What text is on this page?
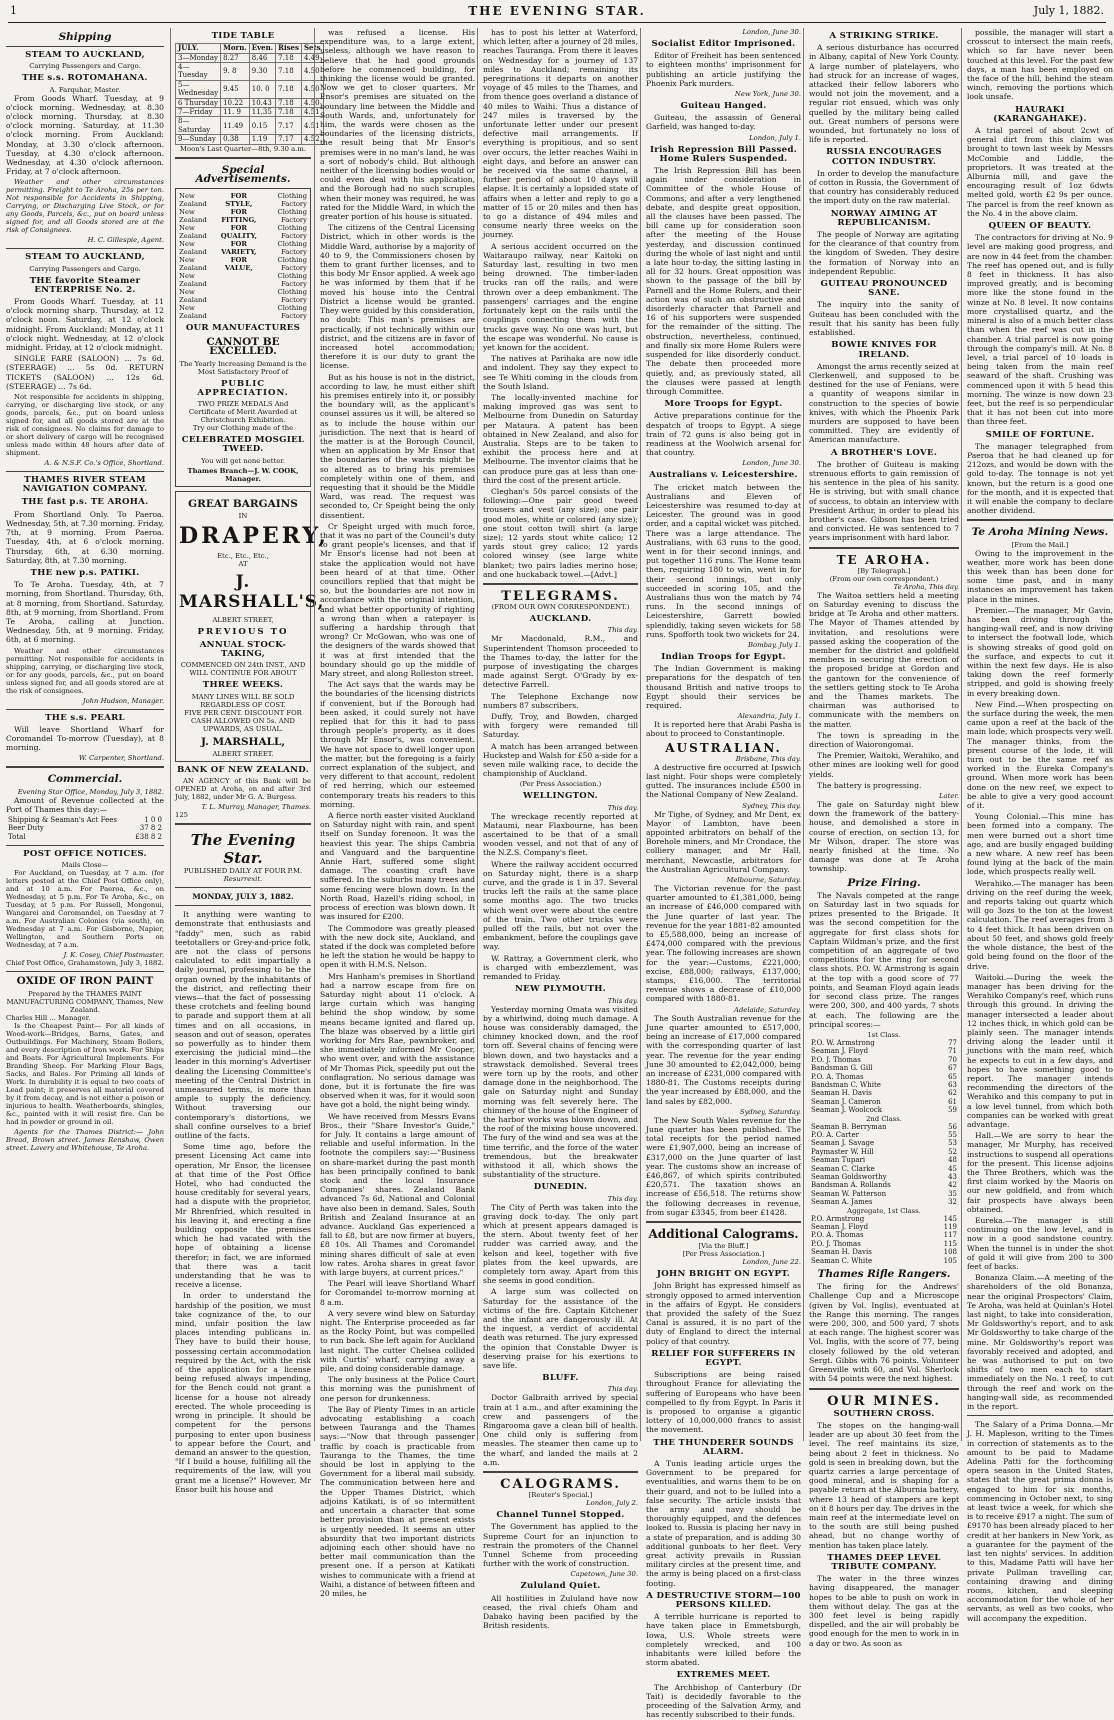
1	THE EVENING STAR.	July 1, 1882.
Shipping
STEAM TO AUCKLAND,
Carrying Passengers and Cargo.
THE s.s. ROTOMAHANA.
A. Farquhar, Master.

From Goods Wharf. Tuesday, at 9 o'clock morning. Wednesday, at 8.30 o'clock morning. Thursday, at 8.30 o'clock morning. Saturday, at 11.30 o'clock morning. From Auckland: Monday, at 3.30 o'clock afternoon. Tuesday, at 4.30 o'clock afternoon. Wednesday, at 4.30 o'clock afternoon. Friday, at 7 o'clock afternoon.

Weather and other circumstances permitting. Freight to Te Aroha, 25s per ton. Not responsible for Accidents in Shipping, Carrying, or Discharging Live Stock, or for any Goods, Parcels, &c., put on board unless signed for, and all Goods stored are at the risk of Consignees.

H. C. Gillespie, Agent.
STEAM TO AUCKLAND,
Carrying Passengers and Cargo.
THE favorite Steamer ENTERPRISE No. 2.

From Goods Wharf. Tuesday, at 11 o'clock morning sharp. Thursday, at 12 o'clock noon. Saturday, at 12 o'clock midnight. From Auckland: Monday, at 11 o'clock night. Wednesday, at 12 o'clock midnight. Friday, at 12 o'clock midnight.

SINGLE FARE (SALOON) ... 7s 6d. (STEERAGE) ... 5s 0d. RETURN TICKETS (SALOON) ... 12s 6d. (STEERAGE) ... 7s 6d.

Not responsible for accidents in shipping, carrying, or discharging live stock, or any goods, parcels, &c., put on board unless signed for, and all goods stored are at the risk of consignees. No claims for damage to or short delivery of cargo will be recognised unless made within 48 hours after date of shipment.

A. & N.S.F. Co.'s Office, Shortland.
THAMES RIVER STEAM NAVIGATION COMPANY.
THE fast p.s. TE AROHA.

From Shortland Only. To Paeroa. Wednesday, 5th, at 7.30 morning. Friday, 7th, at 9 morning. From Paeroa. Tuesday, 4th, at 6 o'clock morning. Thursday, 6th, at 6.30 morning. Saturday, 8th, at 7.30 morning.

THE new p.s. PATIKI.

To Te Aroha. Tuesday, 4th, at 7 morning, from Shortland. Thursday, 6th, at 8 morning, from Shortland. Saturday, 8th, at 9 morning, from Shortland. From Te Aroha, calling at Junction. Wednesday, 5th, at 9 morning. Friday, 6th, at 6 morning.

Weather and other circumstances permitting. Not responsible for accidents in shipping, carrying, or discharging live stock, or for any goods, parcels, &c., put on board unless signed for, and all goods stored are at the risk of consignees.

John Hudson, Manager.
THE s.s. PEARL

Will leave Shortland Wharf for Coromandel To-morrow (Tuesday), at 8 morning.

W. Carpenter, Shortland.
Commercial.
Evening Star Office, Monday, July 3, 1882.

Amount of Revenue collected at the Port of Thames this day:—

Shipping & Seaman's Act Fees	1 0 0
Beer Duty	37 8 2
Total	£38 8 2
POST OFFICE NOTICES.
Mails Close—

For Auckland, on Tuesday, at 7 a.m. (for letters posted at the Chief Post Office only), and at 10 a.m. For Paeroa, &c., on Wednesday, at 5 p.m. For Te Aroha, &c., on Tuesday, at 5 p.m. For Russell, Mongonui, Wangarei and Coromandel, on Tuesday at 7 a.m. For Australian Colonies (via south), on Wednesday at 7 a.m. For Gisborne, Napier, Wellington, and Southern Ports on Wednesday, at 7 a.m.

J. K. Cosey, Chief Postmaster.
Chief Post Office, Grahamstown, July 3, 1882.
OXIDE OF IRON PAINT
Prepared by the THAMES PAINT MANUFACTURING COMPANY, Thames, New Zealand.
Charles Hill ... Manager.

Is the Cheapest Paint— For all kinds of Wood-work—Bridges, Barns, Gates, and Outbuildings. For Machinery, Steam Boilers, and every description of Iron work. For Ships and Boats. For Agricultural Implements. For Branding Sheep. For Marking Flour Bags, Sacks, and Bales. For Priming all kinds of Work. In durability it is equal to two coats of Lead paint; it preserves all material covered by it from decay, and is not either a poison or injurious to health. Weatherboards, shingles, &c., painted with it will resist fire. Can be had in powder or ground in oil.

Agents for the Thames District:— John Bread, Brown street. James Renshaw, Owen street. Lavery and Whitehouse, Te Aroha.

TIDE TABLE
JULY.	Morn.	Even.	Rises	Sets
3—Monday	8.27	8.46	7.18	4.49
4—Tuesday	9. 8	9.30	7.18	4.50
5—Wednesday	9.45	10. 0	7.18	4.50
6 Thursday	10.22	10.43	7.18	4.50
7—Friday	11. 9	11.35	7.18	4.51
8—Saturday	11.49	0.15	7.17	4.51
9—Sunday	0.38	1.19	7.17	4.52
Moon's Last Quarter—8th, 9.30 a.m.
Special Advertisements.
New Zealand
New Zealand
New Zealand
New Zealand
New Zealand
New Zealand
New Zealand
New Zealand
FOR
STYLE,
FOR
FITTING,
FOR
QUALITY,
FOR
VARIETY,
FOR
VALUE,
Clothing Factory
Clothing Factory
Clothing Factory
Clothing Factory
Clothing Factory
Clothing Factory
Clothing Factory
Clothing Factory
OUR MANUFACTURES
CANNOT BE EXCELLED.
The Yearly Increasing Demand is the Most Satisfactory Proof of
PUBLIC APPRECIATION.
TWO PRIZE MEDALS And Certificate of Merit Awarded at Christchurch Exhibition.
Try our Clothing made of the
CELEBRATED MOSGIEL TWEED.
You will get none better.
Thames Branch—J. W. COOK, Manager.
GREAT BARGAINS
IN
DRAPERY,
Etc., Etc., Etc.,
AT
J. MARSHALL'S,
ALBERT STREET,
PREVIOUS TO
ANNUAL STOCK-TAKING,
COMMENCED ON 24th INST., AND WILL CONTINUE FOR ABOUT
THREE WEEKS.
MANY LINES WILL BE SOLD REGARDLESS OF COST.
FIVE PER CENT. DISCOUNT FOR CASH ALLOWED ON 5s. AND UPWARDS, AS USUAL.
J. MARSHALL,
ALBERT STREET.
BANK OF NEW ZEALAND.

AN AGENCY of this Bank will be OPENED at Aroha, on and after 3rd July, 1882, under Mr G. A. Burgess.

T. L. Murray, Manager, Thames.
125
The Evening Star.
PUBLISHED DAILY AT FOUR P.M.
Resurrexit.
MONDAY, JULY 3, 1882.

It anything were wanting to demonstrate that enthusiasts and "faddy" men, such as rabid teetotallers or Grey-and-price folk, are not the class of persons calculated to edit impartially a daily journal, professing to be the organ owned by the inhabitants of the district, and reflecting their views—that the fact of possessing these crotchets and feeling bound to parade and support them at all times and on all occasions, in season and out of season, operates so powerfully as to hinder them exercising the judicial mind—the leader in this morning's Advertiser dealing the Licensing Committee's meeting of the Central District in unmeasured terms, is more than ample to supply the deficiency. Without traversing our contemporary's distortions, we shall confine ourselves to a brief outline of the facts.

Some time ago, before the present Licensing Act came into operation, Mr Ensor, the licensee at that time of the Post Office Hotel, who had conducted the house creditably for several years, had a dispute with the proprietor, Mr Rhrenfried, which resulted in his leaving it, and erecting a fine building opposite the premises which he had vacated with the hope of obtaining a license therefor; in fact, we are informed that there was a tacit understanding that he was to receive a license.

In order to understand the hardship of the position, we must take cognizance of the, to our mind, unfair position the law places intending publicans in. They have to build their house, possessing certain accommodation required by the Act, with the risk of the application for a license being refused always impending, for the Bench could not grant a license for a house not already erected. The whole proceeding is wrong in principle. It should be competent for the persons purposing to enter upon business to appear before the Court, and demand an answer to the question, "If I build a house, fulfilling all the requirements of the law, will you grant me a license?" However, Mr Ensor built his house and

was refused a license. His expenditure was, to a large extent, useless, although we have reason to believe that he had good grounds before he commenced building, for thinking the license would be granted. Now we get to closer quarters. Mr Ensor's premises are situated on the boundary line between the Middle and South Wards, and, unfortunately for him, the wards were chosen as the boundaries of the licensing districts, the result being that Mr Ensor's premises were in no man's land, he was a sort of nobody's child. But although neither of the licensing bodies would or could even deal with his application, and the Borough had no such scruples when their money was required, he was rated for the Middle Ward, in which the greater portion of his house is situated.

The citizens of the Central Licensing District, which in other words is the Middle Ward, authorise by a majority of 40 to 9, the Commissioners chosen by them to grant further licenses, and to this body Mr Ensor applied. A week ago he was informed by them that if he moved his house into the Central District a license would be granted. They were guided by this consideration, no doubt: This man's premises are practically, if not technically within our district, and the citizens are in favor of increased hotel accommodation; therefore it is our duty to grant the license.

But as his house is not in the district, according to law, he must either shift his premises entirely into it, or possibly the boundary will, as the applicant's counsel assures us it will, be altered so as to include the house within our jurisdiction. The next that is heard of the matter is at the Borough Council, when an application by Mr Ensor that the boundaries of the wards might be so altered as to bring his premises completely within one of them, and requesting that it should be the Middle Ward, was read. The request was seconded to, Cr Speight being the only dissentient.

Cr Speight urged with much force, that it was no part of the Council's duty to grant people's licenses, and that if Mr Ensor's license had not been at stake the application would not have been heard of at that time. Other councillors replied that that might be so, but the boundaries are not now in accordance with the original intention, and what better opportunity of righting a wrong than when a ratepayer is suffering a hardship through that wrong? Cr McGowan, who was one of the designers of the wards showed that it was at first intended that the boundary should go up the middle of Mary street, and along Rolleston street.

The Act says that the wards may be the boundaries of the licensing districts if convenient, but if the Borough had been asked, it could surely not have replied that for this it had to pass through people's property, as it does through Mr Ensor's, was convenient. We have not space to dwell longer upon the matter, but the foregoing is a fairly correct explanation of the subject, and very different to that account, redolent of red herring, which our esteemed contemporary treats his readers to this morning.

A fierce north easter visited Auckland on Saturday night with rain, and spent itself on Sunday forenoon. It was the heaviest this year. The ships Cambria and Vanguard and the barquentine Annie Hart, suffered some slight damage. The coasting craft have suffered. In the suburbs many trees and some fencing were blown down. In the North Road, Hazell's riding school, in process of erection was blown down. It was insured for £200.

The Commodore was greatly pleased with the new dock site, Auckland, and stated if the dock was completed before he left the station he would be happy to open it with H.M.S. Nelson.

Mrs Hanham's premises in Shortland had a narrow escape from fire on Saturday night about 11 o'clock. A large curtain which was hanging behind the shop window, by some means became ignited and flared up. The blaze was observed by a little girl working for Mrs Rae, pawnbroker, and she immediately informed Mr Cooper, who went over, and with the assistance of Mr Thomas Pick, speedily put out the conflagration. No serious damage was done, but it is fortunate the fire was observed when it was, for it would soon have got a hold, the night being windy.

We have received from Messrs Evans Bros., their "Share Investor's Guide," for July. It contains a large amount of reliable and useful information. In the footnote the compilers say:—"Business on share-market during the past month has been principally confined to bank stock and the local Insurance Companies' shares. Zealand Bank advanced 7s 6d, National and Colonial have also been in demand. Sales, South British and Zealand Insurance at an advance. Auckland Gas experienced a fall to £8, but are now firmer at buyers, £8 10s. All Thames and Coromandel mining shares difficult of sale at even low rates. Aroha shares in great favor with large buyers, at current prices."

The Pearl will leave Shortland Wharf for Coromandel to-morrow morning at 8 a.m.

A very severe wind blew on Saturday night. The Enterprise proceeded as far as the Rocky Point, but was compelled to run back. She left again for Auckland last night. The cutter Chelsea collided with Curtis' wharf, carrying away a pile, and doing considerable damage.

The only business at the Police Court this morning was the punishment of one person for drunkenness.

The Bay of Plenty Times in an article advocating establishing a coach between Tauranga and the Thames says:—"Now that through passenger traffic by coach is practicable from Tauranga to the Thames, the time should be lost in applying to the Government for a liberal mail subsidy. The communication between here and the Upper Thames District, which adjoins Katikati, is of so intermittent and uncertain a character that some better provision than at present exists is urgently needed. It seems an utter absurdity that two important districts adjoining each other should have no better mail communication than the present one. If a person at Katikati wishes to communicate with a friend at Waihi, a distance of between fifteen and 20 miles, he

has to post his letter at Waterford, which letter, after a journey of 28 miles, reaches Tauranga. From there it leaves on Wednesday for a journey of 137 miles to Auckland; remaining its peregrinations it departs on another voyage of 45 miles to the Thames, and from thence goes overland a distance of 40 miles to Waihi. Thus a distance of 247 miles is traversed by the unfortunate letter under our present defective mail arrangements. If everything is propitious, and so sent over occurs, the letter reaches Waihi in eight days, and before an answer can be received via the same channel, a further period of about 10 days will elapse. It is certainly a lopsided state of affairs when a letter and reply to go a matter of 15 or 20 miles and then has to go a distance of 494 miles and consume nearly three weeks on the journey.

A serious accident occurred on the Waitaraupo railway, near Kaitoki on Saturday last, resulting in two men being drowned. The timber-laden trucks ran off the rails, and were thrown over a deep embankment. The passengers' carriages and the engine fortunately kept on the rails until the couplings connecting them with the trucks gave way. No one was hurt, but the escape was wonderful. No cause is yet known for the accident.

The natives at Parihaka are now idle and indolent. They say they expect to see Te Whiti coming in the clouds from the South Island.

The locally-invented machine for making improved gas was sent to Melbourne from Dunedin on Saturday per Mataura. A patent has been obtained in New Zealand, and also for Australia. Steps are to be taken to exhibit the process here and at Melbourne. The inventor claims that he can produce pure gas at less than one-third the cost of the present article.

Cleghan's 50s parcel consists of the following:—One pair good tweed trousers and vest (any size); one pair good moles, white or colored (any size); one stout cotton twill shirt (a large size); 12 yards stout white calico; 12 yards stout grey calico; 12 yards colored winsey (see large white blanket; two pairs ladies merino hose; and one huckaback towel.—[Advt.]

TELEGRAMS.
(FROM OUR OWN CORRESPONDENT.)
AUCKLAND.
This day.

Mr Macdonald, R.M., and Superintendent Thomson proceeded to the Thames to-day, the latter for the purpose of investigating the charges made against Sergt. O'Grady by ex-detective Farrell.

The Telephone Exchange now numbers 87 subscribers.

Duffy, Troy, and Bowden, charged with forgery were remanded till Saturday.

A match has been arranged between Huckstep and Walsh for £50 a-side for a seven mile walking race, to decide the championship of Auckland.

(Per Press Association.)
WELLINGTON.
This day.

The wreckage recently reported at Mataumi, near Flaxbourne, has been ascertained to be that of a small wooden vessel, and not that of any of the N.Z.S. Company's fleet.

Where the railway accident occurred on Saturday night, there is a sharp curve, and the grade is 1 in 37. Several trucks left the rails at the same place some months ago. The two trucks which went over were about the centre of the train. Two other trucks were pulled off the rails, but not over the embankment, before the couplings gave way.

W. Rattray, a Government clerk, who is charged with embezzlement, was remanded to Friday.

NEW PLYMOUTH.
This day.

Yesterday morning Omata was visited by a whirlwind, doing much damage. A house was considerably damaged, the chimney knocked down, and the roof torn off. Several chains of fencing were blown down, and two haystacks and a strawstack demolished. Several trees were torn up by the roots, and other damage done in the neighborhood. The gale on Saturday night and Sunday morning was felt severely here. The chimney of the house of the Engineer of the harbor works was blown down, and the roof of the mixing house uncovered. The fury of the wind and sea was at the time terrific, and the force of the water tremendous, but the breakwater withstood it all, which shows the substantiality of the structure.

DUNEDIN.
This day.

The City of Perth was taken into the graving dock to-day. The only part which at present appears damaged is the stern. About twenty feet of her rudder was carried away, and the kelson and keel, together with five plates from the keel upwards, are completely torn away. Apart from this she seems in good condition.

A large sum was collected on Saturday for the assistance of the victims of the fire. Captain Kitchener and the infant are dangerously ill. At the inquest, a verdict of accidental death was returned. The jury expressed the opinion that Constable Dwyer is deserving praise for his exertions to save life.

BLUFF.
This day.

Doctor Galbraith arrived by special train at 1 a.m., and after examining the crew and passengers of the Ringarooma gave a clean bill of health. One child only is suffering from measles. The steamer then came up to the wharf, and landed the mails at 2 a.m.

CALOGRAMS.
[Reuter's Special.]
London, July 2.
Channel Tunnel Stopped.

The Government has applied to the Supreme Court for an injunction to restrain the promoters of the Channel Tunnel Scheme from proceeding further with the work of construction.

Capetown, June 30.
Zululand Quiet.

All hostilities in Zululand have now ceased, the rival chiefs Oham and Dabako having been pacified by the British residents.

London, June 30.
Socialist Editor Imprisoned.

Editor of Freiheit has been sentenced to eighteen months' imprisonment for publishing an article justifying the Phoenix Park murders.

New York, June 30.
Guiteau Hanged.

Guiteau, the assassin of General Garfield, was hanged to-day.

London, July 1.
Irish Repression Bill Passed. Home Rulers Suspended.

The Irish Repression Bill has been again under consideration in Committee of the whole House of Commons, and after a very lengthened debate, and despite great opposition, all the clauses have been passed. The bill came up for consideration soon after the meeting of the House yesterday, and discussion continued during the whole of last night and until a late hour to-day, the sitting lasting in all for 32 hours. Great opposition was shown to the passage of the bill by Parnell and the Home Rulers, and their action was of such an obstructive and disorderly character that Parnell and 16 of his supporters were suspended for the remainder of the sitting. The obstruction, nevertheless, continued, and finally six more Home Rulers were suspended for like disorderly conduct. The debate then proceeded more quietly, and, as previously stated, all the clauses were passed at length through Committee.

More Troops for Egypt.

Active preparations continue for the despatch of troops to Egypt. A siege train of 72 guns is also being got in readiness at the Woolwich arsenal for that country.

London, June 30.
Australians v. Leicestershire.

The cricket match between the Australians and Eleven of Leicestershire was resumed to-day at Leicester. The ground was in good order, and a capital wicket was pitched. There was a large attendance. The Australians, with 63 runs to the good, went in for their second innings, and put together 116 runs. The Home team then, requiring 180 to win, went in for their second innings, but only succeeded in scoring 105, and the Australians thus won the match by 74 runs. In the second innings of Leicestershire, Garrett bowled splendidly, taking seven wickets for 58 runs. Spofforth took two wickets for 24.

Bombay, July 1.
Indian Troops for Egypt.

The Indian Government is making preparations for the despatch of ten thousand British and native troops to Egypt should their services be required.

Alexandria, July 1.

It is reported here that Arabi Pasha is about to proceed to Constantinople.

AUSTRALIAN.
Brisbane, This day.

A destructive fire occurred at Ipswich last night. Four shops were completely gutted. The insurances include £500 in the National Company of New Zealand.

Sydney, This day.

Mr Tighe, of Sydney, and Mr Dent, ex Mayor of Lambton, have been appointed arbitrators on behalf of the Borehole miners, and Mr Crondace, the colliery manager, and Mr Hall, merchant, Newcastle, arbitrators for the Australian Agricultural Company.

Melbourne, Saturday.

The Victorian revenue for the past quarter amounted to £1,381,000, being an increase of £46,000 compared with the June quarter of last year. The revenue for the year 1881-82 amounted to £5,588,000, being an increase of £474,000 compared with the previous year. The following increases are shown for the year:—Customs, £221,000; excise, £88,000; railways, £137,000; stamps, £16,000. The territorial revenue shows a decrease of £10,000 compared with 1880-81.

Adelaide, Saturday.

The South Australian revenue for the June quarter amounted to £517,000, being an increase of £17,000 compared with the corresponding quarter of last year. The revenue for the year ending June 30 amounted to £2,042,000, being an increase of £231,000 compared with 1880-81. The Customs receipts during the year increased by £88,000, and the land sales by £82,000.

Sydney, Saturday.

The New South Wales revenue for the June quarter has been published. The total receipts for the period named were £1,907,000, being an increase of £317,000 on the June quarter of last year. The customs show an increase of £46,867, of which spirits contributed £20,571. The taxation shows an increase of £56,518. The returns show the following decreases in revenue, from sugar £3345, from beer £1428.

Additional Calograms.
[Via the Bluff.]
[Per Press Association.]
London, June 22.
JOHN BRIGHT ON EGYPT.

John Bright has expressed himself as strongly opposed to armed intervention in the affairs of Egypt. He considers that provided the safety of the Suez Canal is assured, it is no part of the duty of England to direct the internal policy of that country.

RELIEF FOR SUFFERERS IN EGYPT.

Subscriptions are being raised throughout France for alleviating the suffering of Europeans who have been compelled to fly from Egypt. In Paris it is proposed to organise a gigantic lottery of 10,000,000 francs to assist the movement.

THE THUNDERER SOUNDS ALARM.

A Tunis leading article urges the Government to be prepared for eventualities, and warns them to be on their guard, and not to be lulled into a false security. The article insists that the army and navy should be thoroughly equipped, and the defences looked to. Russia is placing her navy in a state of preparation, and is adding 30 additional gunboats to her fleet. Very great activity prevails in Russian military circles at the present time, and the army is being placed on a first-class footing.

A DESTRUCTIVE STORM—100 PERSONS KILLED.

A terrible hurricane is reported to have taken place in Emmetsburgh, Iowa, U.S. Whole streets were completely wrecked, and 100 inhabitants were killed before the storm abated.

EXTREMES MEET.

The Archbishop of Canterbury (Dr Tait) is decidedly favorable to the proceeding of the Salvation Army, and has recently subscribed to their funds.

A STRIKING STRIKE.

A serious disturbance has occurred in Albany, capital of New York County. A large number of platelayers, who had struck for an increase of wages, attacked their fellow laborers who would not join the movement, and a regular riot ensued, which was only quelled by the military being called out. Great numbers of persons were wounded, but fortunately no loss of life is reported.

RUSSIA ENCOURAGES COTTON INDUSTRY.

In order to develop the manufacture of cotton in Russia, the Government of that country has considerably reduced the import duty on the raw material.

NORWAY AIMING AT REPUBLICANISM.

The people of Norway are agitating for the clearance of that country from the kingdom of Sweden. They desire the formation of Norway into an independent Republic.

GUITEAU PRONOUNCED SANE.

The inquiry into the sanity of Guiteau has been concluded with the result that his sanity has been fully established.

BOWIE KNIVES FOR IRELAND.

Amongst the arms recently seized at Clerkenwell, and supposed to be destined for the use of Fenians, were a quantity of weapons similar in construction to the species of bowie knives, with which the Phoenix Park murders are supposed to have been committed. They are evidently of American manufacture.

A BROTHER'S LOVE.

The brother of Guiteau is making strenuous efforts to gain remission of his sentence in the plea of his sanity. He is striving, but with small chance of success, to obtain an interview with President Arthur, in order to plead his brother's case. Gibson has been tried and convicted. He was sentenced to 7 years imprisonment with hard labor.

TE AROHA.
[By Telegraph.]
(From our own correspondent.)
Te Aroha, This day.

The Waitoa settlers held a meeting on Saturday evening to discuss the bridge at Te Aroha and other matters. The Mayor of Thames attended by invitation, and resolutions were passed asking the cooperation of the member for the district and goldfield members in securing the erection of the proposed bridge at Gordon and the gantown for the convenience of the settlers getting stock to Te Aroha and the Thames markets. The chairman was authorised to communicate with the members on the matter.

The town is spreading in the direction of Waiorongomai.

The Premier, Waitoki, Werahiko, and other mines are looking well for good yields.

The battery is progressing.

Later.

The gale on Saturday night blew down the framework of the battery-house, and demolished a store in course of erection, on section 13, for Mr Wilson, draper. The store was nearly finished at the time. No damage was done at Te Aroha township.

Prize Firing.

The Navals competed at the range on Saturday last in two squads for prizes presented to the Brigade. It was the second competition for the aggregate for first class shots for Captain Wildman's prize, and the first competition of an aggregate of two competitions for the ring for second class shots. P.O. W. Armstrong is again at the top with a good score of 77 points, and Seaman Floyd again leads for second class prize. The ranges were 200, 300, and 400 yards, 7 shots at each. The following are the principal scores:—

1st Class.
P.O. W. Armstrong	77
Seaman J. Floyd	71
P.O. J. Thomas	70
Bandsman G. Gill	67
P.O. A. Thomas	65
Bandsman C. White	63
Seaman H. Davis	62
Seaman J. Cameron	61
Seaman J. Woolcock	59
2nd Class.
Seaman B. Berryman	56
P.O. A. Carter	55
Seaman J. Savage	53
Paymaster W. Hill	52
Seaman Tupari	48
Seaman C. Clarke	45
Seaman Goldsworthy	43
Bandsman A. Rollands	42
Seaman W. Patterson	35
Seaman A. James	32
Aggregate, 1st Class.
P.O. Armstrong	145
Seaman J. Floyd	119
P.O. A. Thomas	117
P.O. J. Thomas	115
Seaman H. Davis	108
Seaman C. White	105
Thames Rifle Rangers.

The firing for the Andrews' Challenge Cup and a Microscope (given by Vol. Inglis), eventuated at the Range this morning. The ranges were 200, 300, and 500 yard, 7 shots at each range. The highest scorer was Vol. Inglis, with the score of 77, being closely followed by the old veteran Sergt. Gibbs with 76 points. Volunteer Greenville with 60, and Vol. Sherlock with 54 points were the next highest.

OUR MINES.
SOUTHERN CROSS.

The stopes on the hanging-wall leader are up about 30 feet from the level. The reef maintains its size, being about 2 feet in thickness. No gold is seen in breaking down, but the quartz carries a large percentage of good mineral, and is shaping for a payable return at the Alburnia battery, where 13 head of stampers are kept on it 8 hours per day. The drives in the main reef at the intermediate level on to the south are still being pushed ahead, but no change worthy of mention has taken place lately.

THAMES DEEP LEVEL TRIBUTE COMPANY.

The water in the three winzes having disappeared, the manager hopes to be able to push on work in them without delay. The gas at the 300 feet level is being rapidly dispelled, and the air will probably be good enough for the men to work in in a day or two. As soon as

possible, the manager will start a crosscut to intersect the main reefs, which so far have never been touched at this level. For the past few days, a man has been employed on the face of the hill, behind the steam winch, removing the portions which look unsafe.

HAURAKI (KARANGAHAKE).

A trial parcel of about 2cwt of general dirt from this claim was brought to town last week by Messrs McCombie and Liddle, the proprietors. It was treated at the Alburnia mill, and gave the encouraging result of 1oz 6dwts melted gold, worth £2 9s per ounce. The parcel is from the reef known as the No. 4 in the above claim.

QUEEN OF BEAUTY.

The contractors for driving at No. 9 level are making good progress, and are now in 44 feet from the chamber. The reef has opened out, and is fully 8 feet in thickness. It has also improved greatly, and is becoming more like the stone found in the winze at No. 8 level. It now contains more crystallised quartz, and the mineral is also of a much better class than when the reef was cut in the chamber. A trial parcel is now going through the company's mill. At No. 8 level, a trial parcel of 10 loads is being taken from the main reef seaward of the shaft. Crushing was commenced upon it with 5 head this morning. The winze is now down 23 feet, but the reef is so perpendicular that it has not been cut into more than three feet.

SMILE OF FORTUNE.

The manager telegraphed from Paeroa that he had cleaned up for 212ozs, and would be down with the gold to-day. The tonnage is not yet known, but the return is a good one for the month, and it is expected that it will enable the company to declare another dividend.

Te Aroha Mining News.
[From the Mail.]

Owing to the improvement in the weather, more work has been done this week than has been done for some time past, and in many instances an improvement has taken place in the mines.

Premier.—The manager, Mr Gavin, has been driving through the hanging-wall reef, and is now driving to intersect the footwall lode, which is showing streaks of good gold on the surface, and expects to cut it within the next few days. He is also taking down the reef formerly stripped, and gold is showing freely in every breaking down.

New Find.—When prospecting on the surface during the week, the men came upon a reef at the back of the main lode, which prospects very well. The manager thinks, from the present course of the lode, it will turn out to be the same reef as worked in the Eureka Company's ground. When more work has been done on the new reef, we expect to be able to give a very good account of it.

Young Colonial.—This mine has been formed into a company. The men were burned out a short time ago, and are busily engaged building a new whare. A new reef has been found lying at the back of the main lode, which prospects really well.

Werahiko.—The manager has been driving on the reef during the week, and reports taking out quartz which will go 3ozs to the ton at the lowest calculation. The reef averages from 3 to 4 feet thick. It has been driven on about 50 feet, and shows gold freely the whole distance, the best of the gold being found on the floor of the drive.

Waitoki.—During the week the manager has been driving for the Werahiko Company's reef, which runs through this ground. In driving the manager intersected a leader about 12 inches thick, in which gold can be plainly seen. The manager intends driving along the leader until it junctions with the main reef, which he expects to cut in a few days, and hopes to have something good to report. The manager intends recommending the directors of the Werahiko and this company to put in a low level tunnel, from which both companies can be worked with great advantage.

Hall.—We are sorry to hear the manager, Mr Murphy, has received instructions to suspend all operations for the present. This license adjoins the Three Brothers, which was the first claim worked by the Maoris on our new goldfield, and from which fair prospects have always been obtained.

Eureka.—The manager is still continuing on the low level, and is now in a good sandstone country. When the tunnel is in under the shot of gold it will give from 200 to 300 feet of backs.

Bonanza Claim.—A meeting of the shareholders of the old Bonanza, near the original Prospectors' Claim, Te Aroha, was held at Quinlan's Hotel last night, to take into consideration, Mr Goldsworthy's report, and to ask Mr Goldsworthy to take charge of the mine. Mr Goldsworthy's report was favorably received and adopted, and he was authorised to put on two shifts of two men each to start immediately on the No. 1 reef, to cut through the reef and work on the hanging-wall side, as recommended in the report.

The Salary of a Prima Donna.—Mr J. H. Mapleson, writing to the Times in correction of statements as to the amount to be paid to Madame Adelina Patti for the forthcoming opera season in the United States, states that the great prima donna is engaged to him for six months, commencing in October next, to sing at least twice a week, for which she is to receive £917 a night. The sum of £9170 has been already placed to her credit at her bankers in New York, as a guarantee for the payment of the last ten nights' services. In addition to this, Madame Patti will have her private Pullman travelling car, containing drawing and dining rooms, kitchen, and sleeping accommodation for the whole of her servants, as well as two cooks, who will accompany the expedition.
